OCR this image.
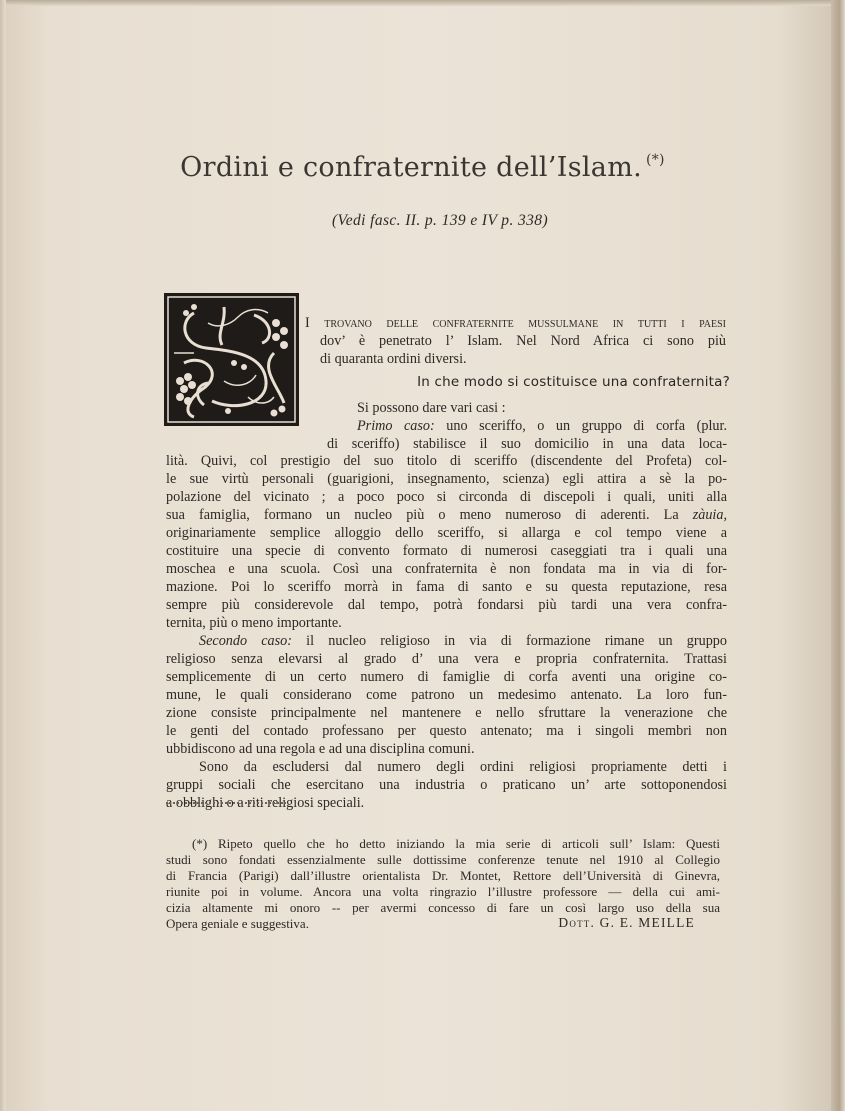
Ordini e confraternite dell’Islam. (*)
(Vedi fasc. II. p. 139 e IV p. 338)
I trovano delle confraternite mussulmane in tutti i paesi
dov’ è penetrato l’ Islam. Nel Nord Africa ci sono più
di quaranta ordini diversi.
In che modo si costituisce una confraternita?
Si possono dare vari casi :
Primo caso: uno sceriffo, o un gruppo di corfa (plur.
di sceriffo) stabilisce il suo domicilio in una data loca-
lità. Quivi, col prestigio del suo titolo di sceriffo (discendente del Profeta) col-
le sue virtù personali (guarigioni, insegnamento, scienza) egli attira a sè la po-
polazione del vicinato ; a poco poco si circonda di discepoli i quali, uniti alla
sua famiglia, formano un nucleo più o meno numeroso di aderenti. La zàuia,
originariamente semplice alloggio dello sceriffo, si allarga e col tempo viene a
costituire una specie di convento formato di numerosi caseggiati tra i quali una
moschea e una scuola. Così una confraternita è non fondata ma in via di for-
mazione. Poi lo sceriffo morrà in fama di santo e su questa reputazione, resa
sempre più considerevole dal tempo, potrà fondarsi più tardi una vera confra-
ternita, più o meno importante.
Secondo caso: il nucleo religioso in via di formazione rimane un gruppo
religioso senza elevarsi al grado d’ una vera e propria confraternita. Trattasi
semplicemente di un certo numero di famiglie di corfa aventi una origine co-
mune, le quali considerano come patrono un medesimo antenato. La loro fun-
zione consiste principalmente nel mantenere e nello sfruttare la venerazione che
le genti del contado professano per questo antenato; ma i singoli membri non
ubbidiscono ad una regola e ad una disciplina comuni.
Sono da escludersi dal numero degli ordini religiosi propriamente detti i
gruppi sociali che esercitano una industria o praticano un’ arte sottoponendosi
a obblighi o a riti religiosi speciali.
(*) Ripeto quello che ho detto iniziando la mia serie di articoli sull’ Islam: Questi
studi sono fondati essenzialmente sulle dottissime conferenze tenute nel 1910 al Collegio
di Francia (Parigi) dall’illustre orientalista Dr. Montet, Rettore dell’Università di Ginevra,
riunite poi in volume. Ancora una volta ringrazio l’illustre professore — della cui ami-
cizia altamente mi onoro -- per avermi concesso di fare un così largo uso della sua
Opera geniale e suggestiva.	Dott. G. E. MEILLE
